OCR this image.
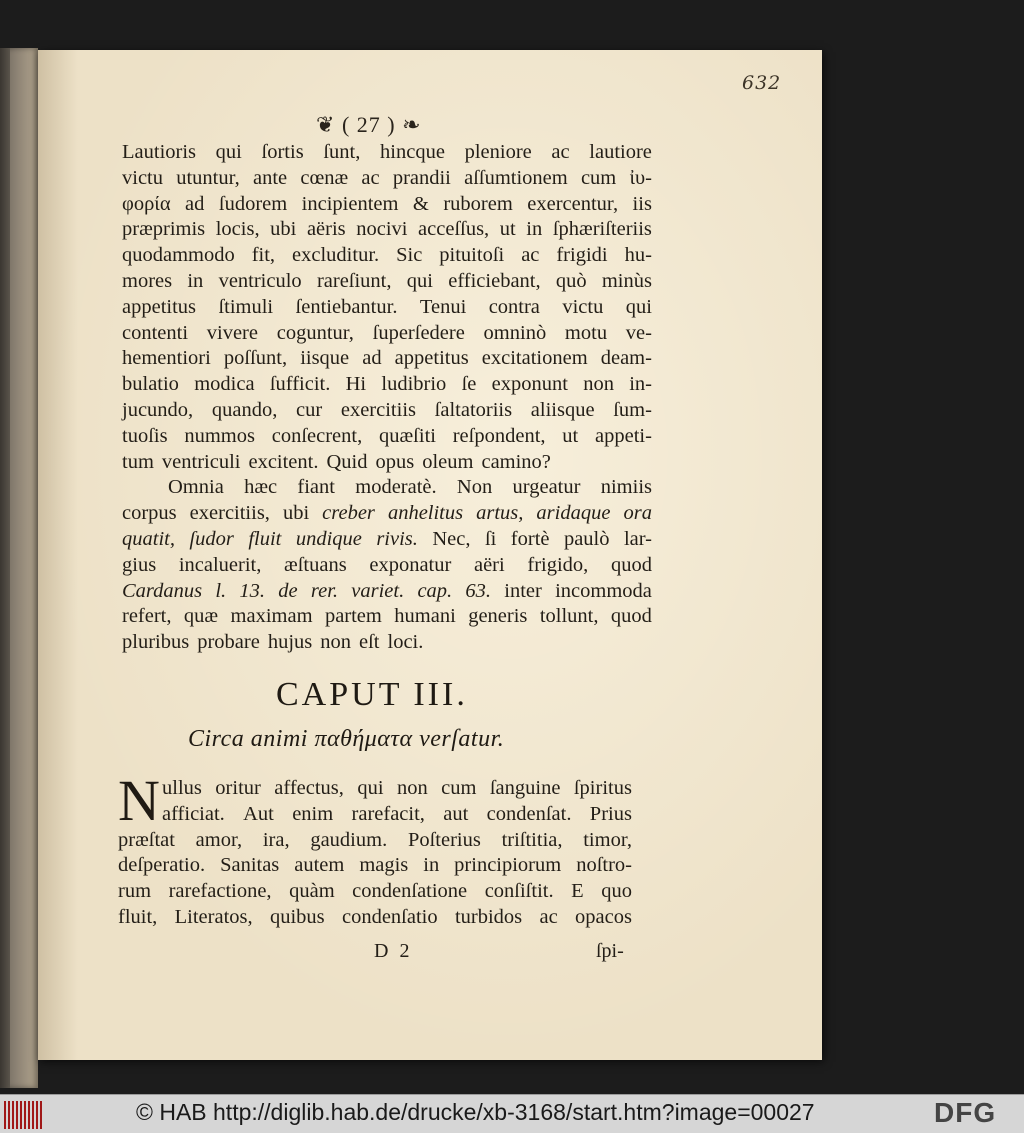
632
❦ ( 27 ) ❧
Lautioris qui ſortis ſunt, hincque pleniore ac lautiore
victu utuntur, ante cœnæ ac prandii aſſumtionem cum ἰυ-
φορία ad ſudorem incipientem & ruborem exercentur, iis
præprimis locis, ubi aëris nocivi acceſſus, ut in ſphæriſteriis
quodammodo fit, excluditur. Sic pituitoſi ac frigidi hu-
mores in ventriculo rareſiunt, qui efficiebant, quò minùs
appetitus ſtimuli ſentiebantur. Tenui contra victu qui
contenti vivere coguntur, ſuperſedere omninò motu ve-
hementiori poſſunt, iisque ad appetitus excitationem deam-
bulatio modica ſufficit. Hi ludibrio ſe exponunt non in-
jucundo, quando, cur exercitiis ſaltatoriis aliisque ſum-
tuoſis nummos conſecrent, quæſiti reſpondent, ut appeti-
tum ventriculi excitent. Quid opus oleum camino?
Omnia hæc fiant moderatè. Non urgeatur nimiis
corpus exercitiis, ubi creber anhelitus artus, aridaque ora
quatit, ſudor fluit undique rivis. Nec, ſi fortè paulò lar-
gius incaluerit, æſtuans exponatur aëri frigido, quod
Cardanus l. 13. de rer. variet. cap. 63. inter incommoda
refert, quæ maximam partem humani generis tollunt, quod
pluribus probare hujus non eſt loci.
CAPUT III.
Circa animi παθήματα verſatur.
N ullus oritur affectus, qui non cum ſanguine ſpiritus
afficiat. Aut enim rarefacit, aut condenſat. Prius
præſtat amor, ira, gaudium. Poſterius triſtitia, timor,
deſperatio. Sanitas autem magis in principiorum noſtro-
rum rarefactione, quàm condenſatione conſiſtit. E quo
fluit, Literatos, quibus condenſatio turbidos ac opacos
D 2	ſpi-
© HAB http://diglib.hab.de/drucke/xb-3168/start.htm?image=00027	DFG
